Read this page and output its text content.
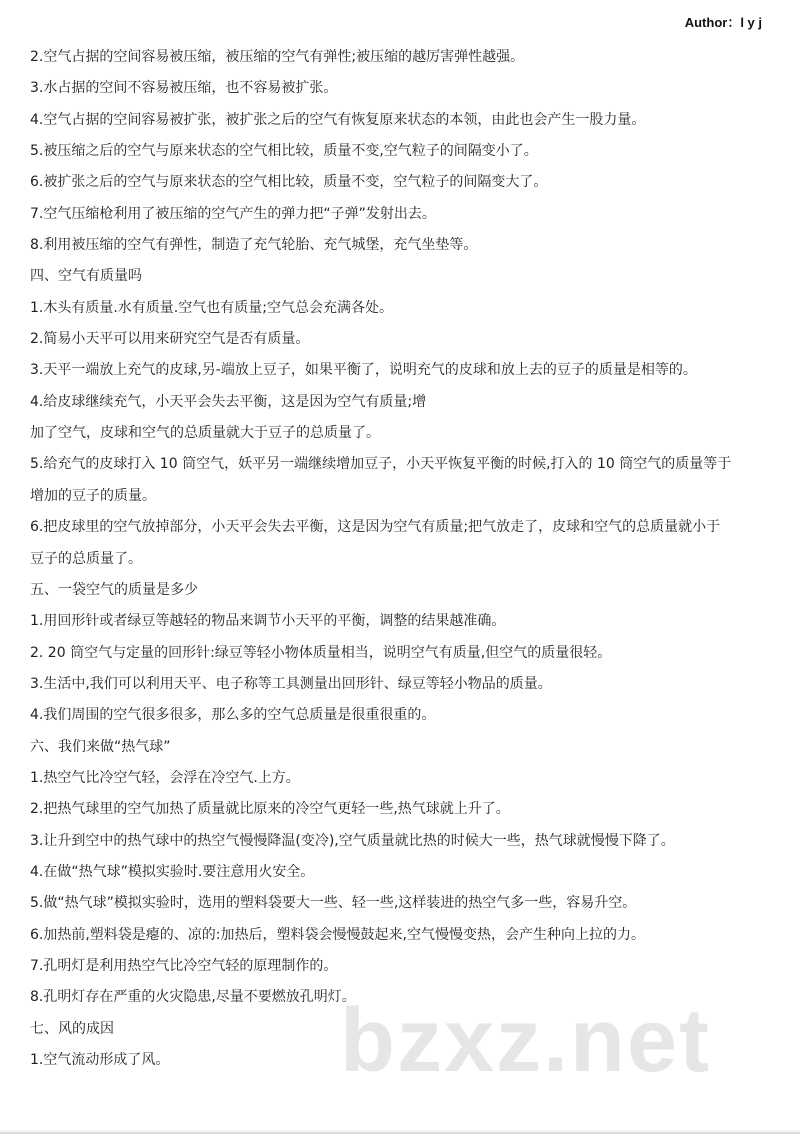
Author：l y j
2.空气占据的空间容易被压缩，被压缩的空气有弹性;被压缩的越厉害弹性越强。
3.水占据的空间不容易被压缩，也不容易被扩张。
4.空气占据的空间容易被扩张，被扩张之后的空气有恢复原来状态的本领，由此也会产生一股力量。
5.被压缩之后的空气与原来状态的空气相比较，质量不变,空气粒子的间隔变小了。
6.被扩张之后的空气与原来状态的空气相比较，质量不变，空气粒子的间隔变大了。
7.空气压缩枪利用了被压缩的空气产生的弹力把“子弹”发射出去。
8.利用被压缩的空气有弹性，制造了充气轮胎、充气城堡，充气坐垫等。
四、空气有质量吗
1.木头有质量.水有质量.空气也有质量;空气总会充满各处。
2.简易小天平可以用来研究空气是否有质量。
3.天平一端放上充气的皮球,另-端放上豆子，如果平衡了，说明充气的皮球和放上去的豆子的质量是相等的。
4.给皮球继续充气，小天平会失去平衡，这是因为空气有质量;增
加了空气，皮球和空气的总质量就大于豆子的总质量了。
5.给充气的皮球打入 10 筒空气，妖平另一端继续增加豆子，小天平恢复平衡的时候,打入的 10 筒空气的质量等于
增加的豆子的质量。
6.把皮球里的空气放掉部分，小天平会失去平衡，这是因为空气有质量;把气放走了，皮球和空气的总质量就小于
豆子的总质量了。
五、一袋空气的质量是多少
1.用回形针或者绿豆等越轻的物品来调节小天平的平衡，调整的结果越准确。
2. 20 筒空气与定量的回形针:绿豆等轻小物体质量相当，说明空气有质量,但空气的质量很轻。
3.生活中,我们可以利用天平、电子称等工具测量出回形针、绿豆等轻小物品的质量。
4.我们周围的空气很多很多，那么多的空气总质量是很重很重的。
六、我们来做“热气球”
1.热空气比冷空气轻，会浮在冷空气.上方。
2.把热气球里的空气加热了质量就比原来的冷空气更轻一些,热气球就上升了。
3.让升到空中的热气球中的热空气慢慢降温(变冷),空气质量就比热的时候大一些，热气球就慢慢下降了。
4.在做“热气球”模拟实验时.要注意用火安全。
5.做“热气球”模拟实验时，选用的塑料袋要大一些、轻一些,这样装进的热空气多一些，容易升空。
6.加热前,塑料袋是瘪的、凉的:加热后，塑料袋会慢慢鼓起来,空气慢慢变热，会产生种向上拉的力。
7.孔明灯是利用热空气比冷空气轻的原理制作的。
8.孔明灯存在严重的火灾隐患,尽量不要燃放孔明灯。
七、风的成因
1.空气流动形成了风。	bzxz.net
